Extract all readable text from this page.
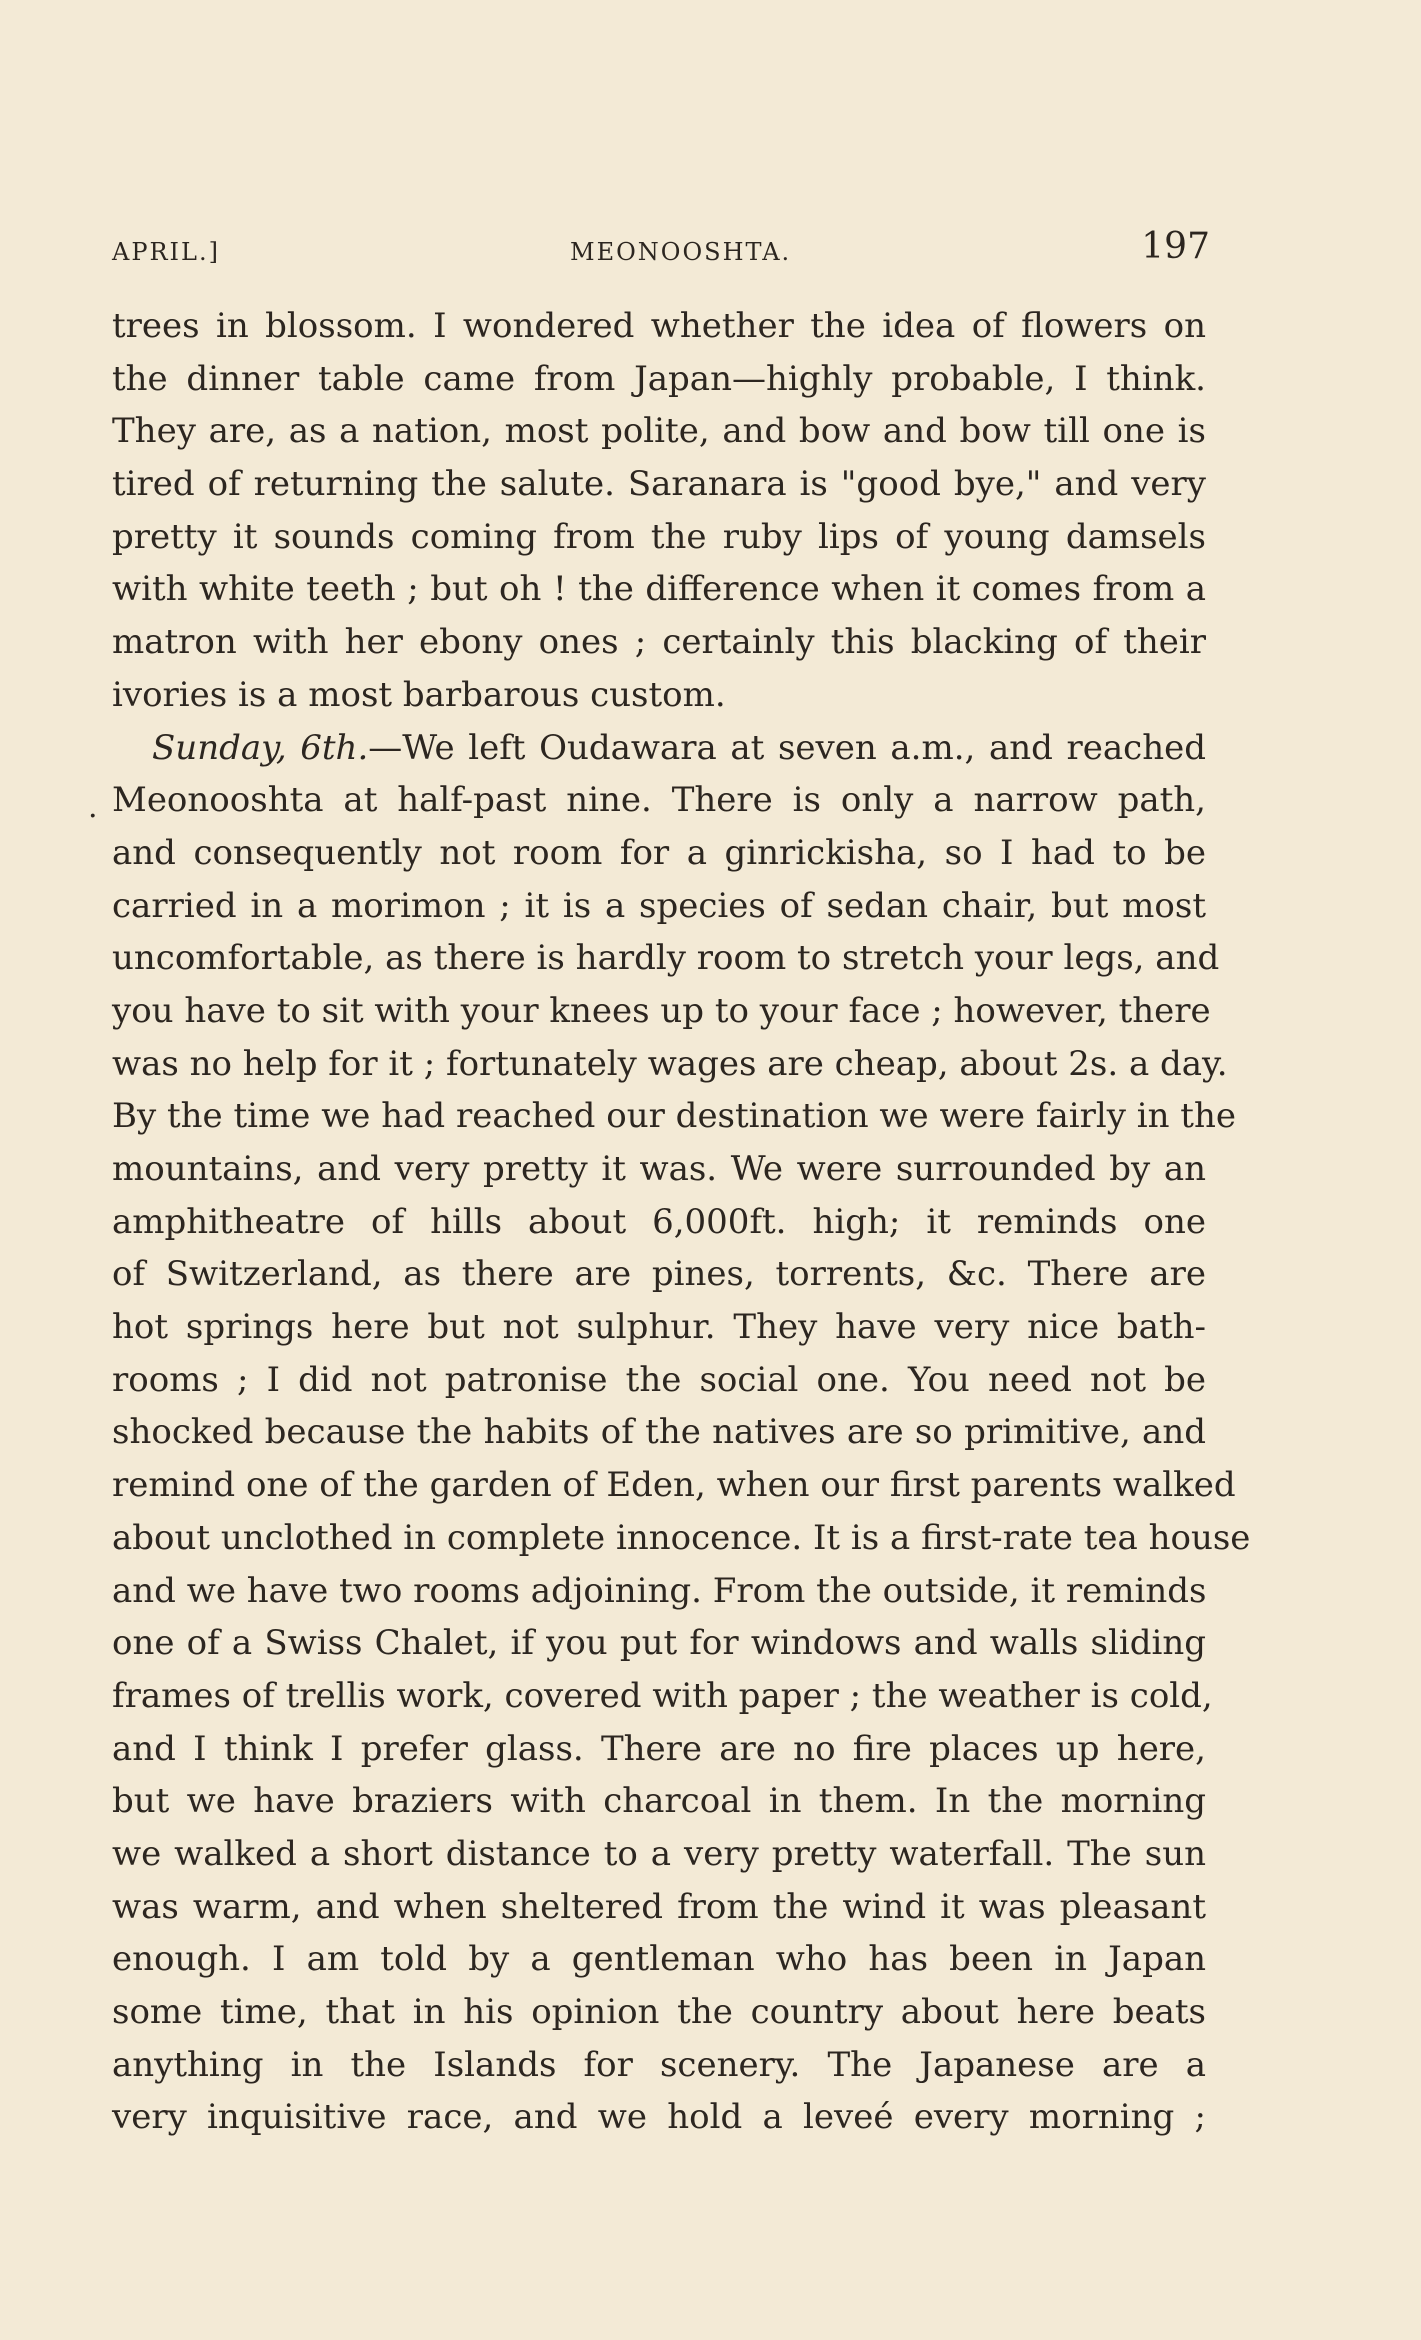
APRIL.]	MEONOOSHTA.	197
.
trees in blossom. I wondered whether the idea of flowers on
the dinner table came from Japan—highly probable, I think.
They are, as a nation, most polite, and bow and bow till one is
tired of returning the salute. Saranara is "good bye," and very
pretty it sounds coming from the ruby lips of young damsels
with white teeth ; but oh ! the difference when it comes from a
matron with her ebony ones ; certainly this blacking of their
ivories is a most barbarous custom.
Sunday, 6th.—We left Oudawara at seven a.m., and reached
Meonooshta at half-past nine. There is only a narrow path,
and consequently not room for a ginrickisha, so I had to be
carried in a morimon ; it is a species of sedan chair, but most
uncomfortable, as there is hardly room to stretch your legs, and
you have to sit with your knees up to your face ; however, there
was no help for it ; fortunately wages are cheap, about 2s. a day.
By the time we had reached our destination we were fairly in the
mountains, and very pretty it was. We were surrounded by an
amphitheatre of hills about 6,000ft. high; it reminds one
of Switzerland, as there are pines, torrents, &c. There are
hot springs here but not sulphur. They have very nice bath-
rooms ; I did not patronise the social one. You need not be
shocked because the habits of the natives are so primitive, and
remind one of the garden of Eden, when our first parents walked
about unclothed in complete innocence. It is a first-rate tea house
and we have two rooms adjoining. From the outside, it reminds
one of a Swiss Chalet, if you put for windows and walls sliding
frames of trellis work, covered with paper ; the weather is cold,
and I think I prefer glass. There are no fire places up here,
but we have braziers with charcoal in them. In the morning
we walked a short distance to a very pretty waterfall. The sun
was warm, and when sheltered from the wind it was pleasant
enough. I am told by a gentleman who has been in Japan
some time, that in his opinion the country about here beats
anything in the Islands for scenery. The Japanese are a
very inquisitive race, and we hold a leveé every morning ;
